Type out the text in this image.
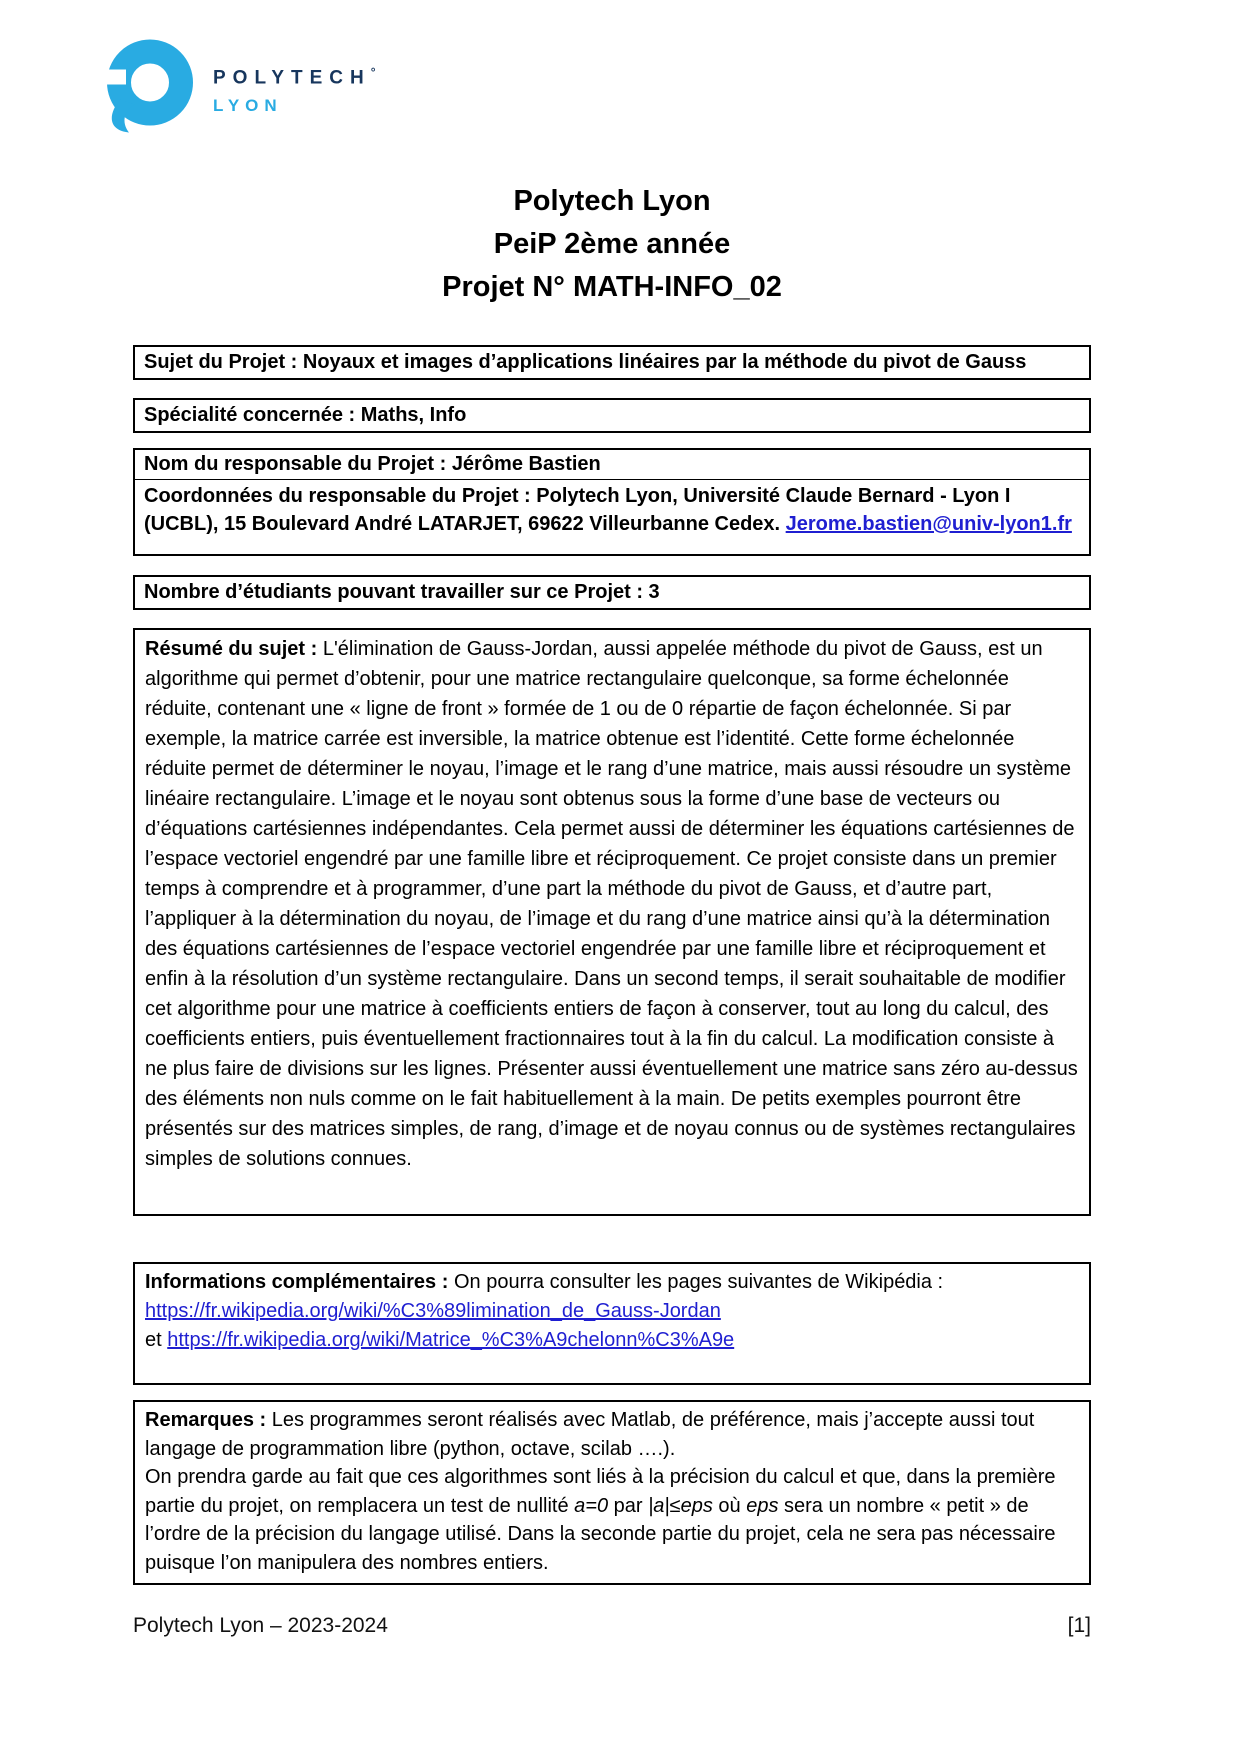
POLYTECH°
LYON
Polytech Lyon
PeiP 2ème année
Projet N° MATH-INFO_02
Sujet du Projet : Noyaux et images d’applications linéaires par la méthode du pivot de Gauss
Spécialité concernée : Maths, Info
Nom du responsable du Projet : Jérôme Bastien
Coordonnées du responsable du Projet : Polytech Lyon, Université Claude Bernard - Lyon I (UCBL), 15 Boulevard André LATARJET, 69622 Villeurbanne Cedex. Jerome.bastien@univ-lyon1.fr
Nombre d’étudiants pouvant travailler sur ce Projet : 3
Résumé du sujet : L'élimination de Gauss-Jordan, aussi appelée méthode du pivot de Gauss, est un algorithme qui permet d’obtenir, pour une matrice rectangulaire quelconque, sa forme échelonnée réduite, contenant une « ligne de front » formée de 1 ou de 0 répartie de façon échelonnée. Si par exemple, la matrice carrée est inversible, la matrice obtenue est l’identité. Cette forme échelonnée réduite permet de déterminer le noyau, l’image et le rang d’une matrice, mais aussi résoudre un système linéaire rectangulaire. L’image et le noyau sont obtenus sous la forme d’une base de vecteurs ou d’équations cartésiennes indépendantes. Cela permet aussi de déterminer les équations cartésiennes de l’espace vectoriel engendré par une famille libre et réciproquement. Ce projet consiste dans un premier temps à comprendre et à programmer, d’une part la méthode du pivot de Gauss, et d’autre part, l’appliquer à la détermination du noyau, de l’image et du rang d’une matrice ainsi qu’à la détermination des équations cartésiennes de l’espace vectoriel engendrée par une famille libre et réciproquement et enfin à la résolution d’un système rectangulaire. Dans un second temps, il serait souhaitable de modifier cet algorithme pour une matrice à coefficients entiers de façon à conserver, tout au long du calcul, des coefficients entiers, puis éventuellement fractionnaires tout à la fin du calcul. La modification consiste à ne plus faire de divisions sur les lignes. Présenter aussi éventuellement une matrice sans zéro au-dessus des éléments non nuls comme on le fait habituellement à la main. De petits exemples pourront être présentés sur des matrices simples, de rang, d’image et de noyau connus ou de systèmes rectangulaires simples de solutions connues.
Informations complémentaires : On pourra consulter les pages suivantes de Wikipédia :
https://fr.wikipedia.org/wiki/%C3%89limination_de_Gauss-Jordan
et https://fr.wikipedia.org/wiki/Matrice_%C3%A9chelonn%C3%A9e
Remarques : Les programmes seront réalisés avec Matlab, de préférence, mais j’accepte aussi tout langage de programmation libre (python, octave, scilab ….).
On prendra garde au fait que ces algorithmes sont liés à la précision du calcul et que, dans la première partie du projet, on remplacera un test de nullité a=0 par |a|≤eps où eps sera un nombre « petit » de l’ordre de la précision du langage utilisé. Dans la seconde partie du projet, cela ne sera pas nécessaire puisque l’on manipulera des nombres entiers.
Polytech Lyon – 2023-2024	[1]
